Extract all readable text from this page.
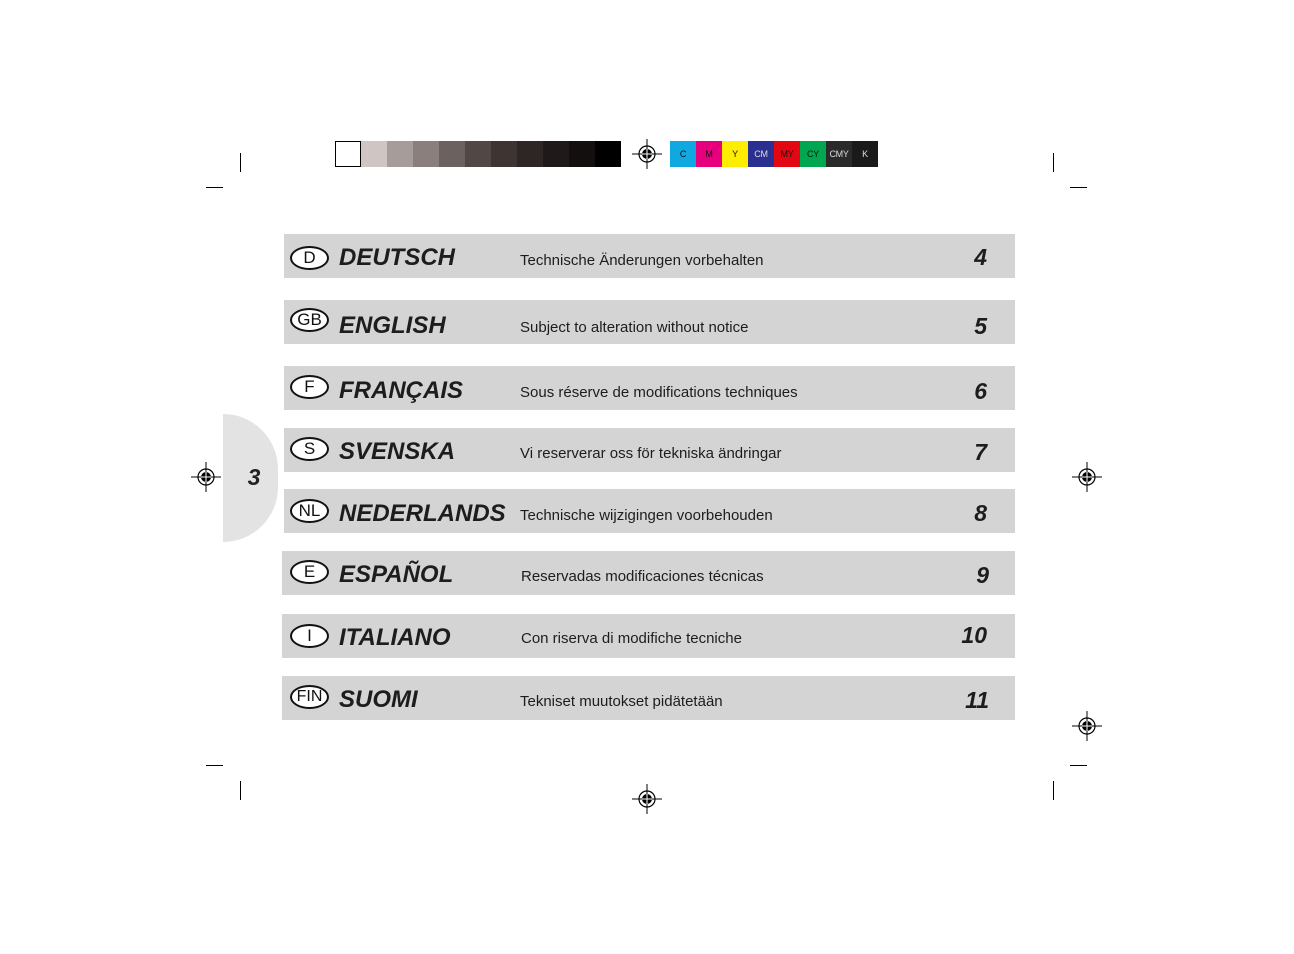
C	M	Y	CM	MY	CY	CMY	K
3
D DEUTSCH	Technische Änderungen vorbehalten	4
GB ENGLISH	Subject to alteration without notice	5
F	FRANÇAIS	Sous réserve de modifications techniques	6
S SVENSKA	Vi reserverar oss för tekniska ändringar	7
NL NEDERLANDS Technische wijzigingen voorbehouden	8
E ESPAÑOL	Reservadas modificaciones técnicas	9
I	ITALIANO	Con riserva di modifiche tecniche	10
FIN SUOMI	Tekniset muutokset pidätetään	11
